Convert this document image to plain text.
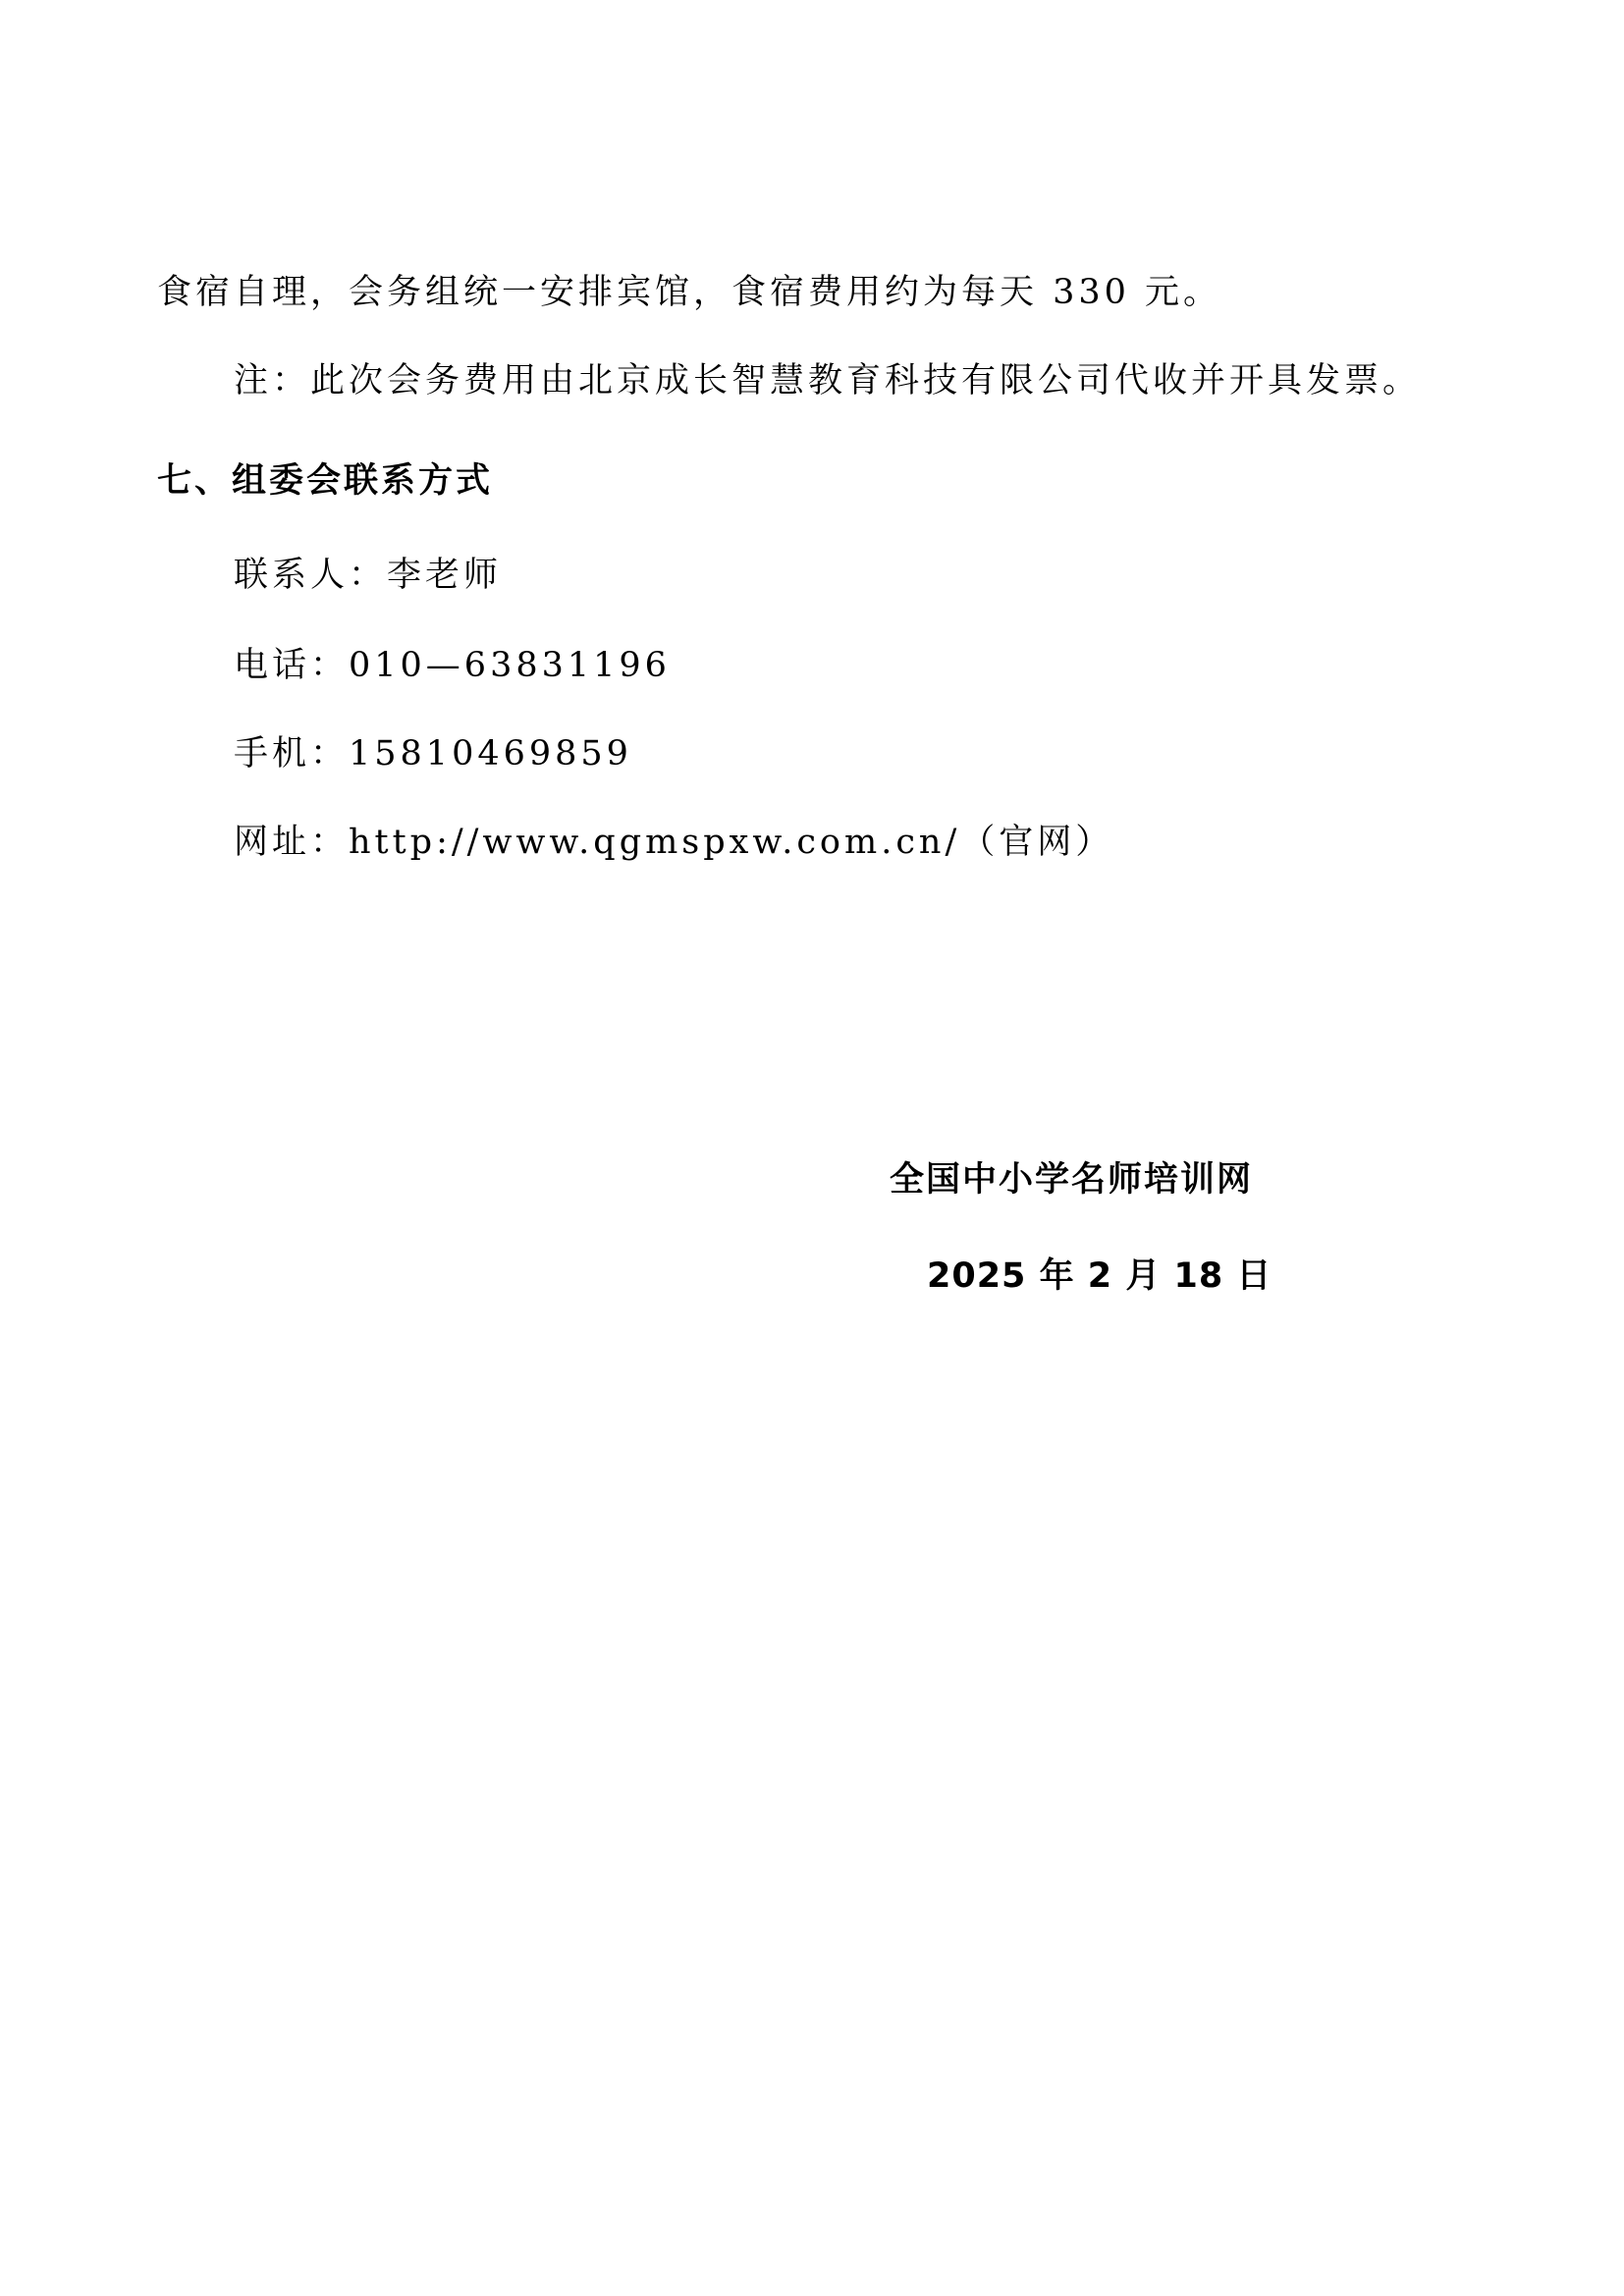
食宿自理，会务组统一安排宾馆，食宿费用约为每天 330 元。
注：此次会务费用由北京成长智慧教育科技有限公司代收并开具发票。
七、组委会联系方式
联系人：李老师
电话：010—63831196
手机：15810469859
网址：http://www.qgmspxw.com.cn/（官网）
全国中小学名师培训网
2025 年 2 月 18 日
